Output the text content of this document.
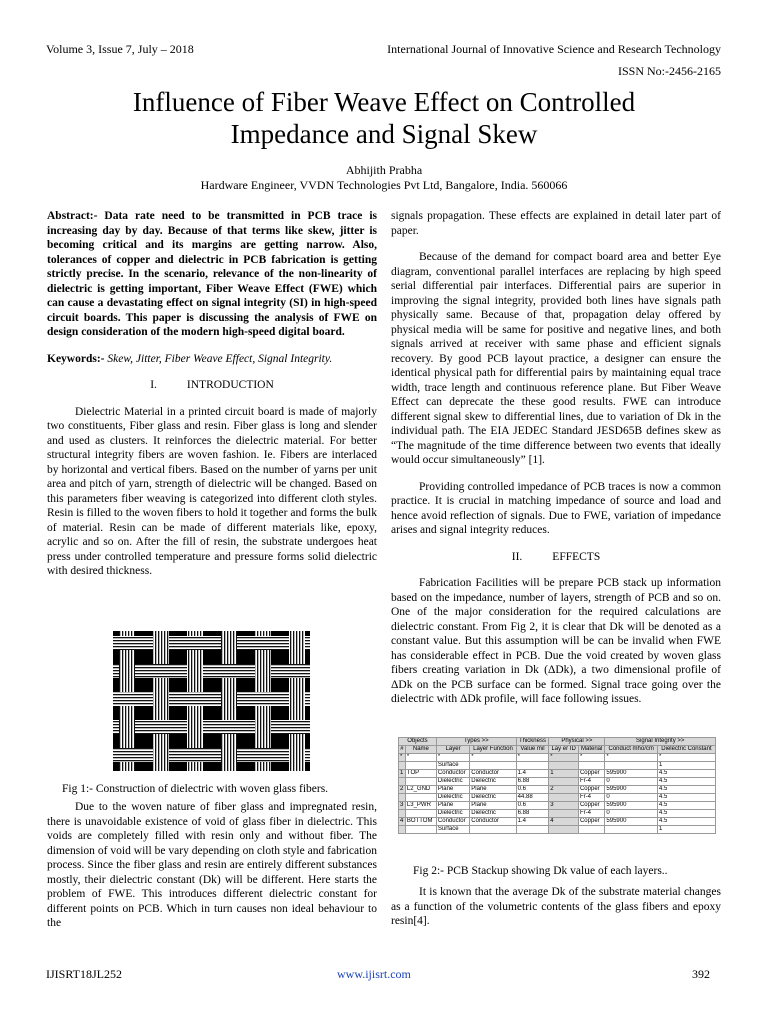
Volume 3, Issue 7, July – 2018	International Journal of Innovative Science and Research Technology
ISSN No:-2456-2165
Influence of Fiber Weave Effect on Controlled
Impedance and Signal Skew
Abhijith Prabha
Hardware Engineer, VVDN Technologies Pvt Ltd, Bangalore, India. 560066

Abstract:- Data rate need to be transmitted in PCB trace is increasing day by day. Because of that terms like skew, jitter is becoming critical and its margins are getting narrow. Also, tolerances of copper and dielectric in PCB fabrication is getting strictly precise. In the scenario, relevance of the non-linearity of dielectric is getting important, Fiber Weave Effect (FWE) which can cause a devastating effect on signal integrity (SI) in high-speed circuit boards. This paper is discussing the analysis of FWE on design consideration of the modern high-speed digital board.

Keywords:- Skew, Jitter, Fiber Weave Effect, Signal Integrity.

I.	INTRODUCTION

Dielectric Material in a printed circuit board is made of majorly two constituents, Fiber glass and resin. Fiber glass is long and slender and used as clusters. It reinforces the dielectric material. For better structural integrity fibers are woven fashion. Ie. Fibers are interlaced by horizontal and vertical fibers. Based on the number of yarns per unit area and pitch of yarn, strength of dielectric will be changed. Based on this parameters fiber weaving is categorized into different cloth styles. Resin is filled to the woven fibers to hold it together and forms the bulk of material. Resin can be made of different materials like, epoxy, acrylic and so on. After the fill of resin, the substrate undergoes heat press under controlled temperature and pressure forms solid dielectric with desired thickness.

Fig 1:- Construction of dielectric with woven glass fibers.

Due to the woven nature of fiber glass and impregnated resin, there is unavoidable existence of void of glass fiber in dielectric. This voids are completely filled with resin only and without fiber. The dimension of void will be vary depending on cloth style and fabrication process. Since the fiber glass and resin are entirely different substances mostly, their dielectric constant (Dk) will be different. Here starts the problem of FWE. This introduces different dielectric constant for different points on PCB. Which in turn causes non ideal behaviour to the

signals propagation. These effects are explained in detail later part of paper.

Because of the demand for compact board area and better Eye diagram, conventional parallel interfaces are replacing by high speed serial differential pair interfaces. Differential pairs are superior in improving the signal integrity, provided both lines have signals path physically same. Because of that, propagation delay offered by physical media will be same for positive and negative lines, and both signals arrived at receiver with same phase and efficient signals recovery. By good PCB layout practice, a designer can ensure the identical physical path for differential pairs by maintaining equal trace width, trace length and continuous reference plane. But Fiber Weave Effect can deprecate the these good results. FWE can introduce different signal skew to differential lines, due to variation of Dk in the individual path. The EIA JEDEC Standard JESD65B defines skew as “The magnitude of the time difference between two events that ideally would occur simultaneously” [1].

Providing controlled impedance of PCB traces is now a common practice. It is crucial in matching impedance of source and load and hence avoid reflection of signals. Due to FWE, variation of impedance arises and signal integrity reduces.

II.	EFFECTS

Fabrication Facilities will be prepare PCB stack up information based on the impedance, number of layers, strength of PCB and so on. One of the major consideration for the required calculations are dielectric constant. From Fig 2, it is clear that Dk will be denoted as a constant value. But this assumption will be can be invalid when FWE has considerable effect in PCB. Due the void created by woven glass fibers creating variation in Dk (ΔDk), a two dimensional profile of ΔDk on the PCB surface can be formed. Signal trace going over the dielectric with ΔDk profile, will face following issues.

Objects		Types >>		Thickness	Physical >>		Signal Integrity >>	
#	Name	Layer	Layer Function	Value mil	Lay er ID	Material	Conduct mho/cm	Dielectric Constant
*	*	*	*	*	*	*	*	*
		Surface						1
1	TOP	Conductor	Conductor	1.4	1	Copper	595900	4.5
		Dielectric	Dielectric	6.88		Fr-4	0	4.5
2	L2_GND	Plane	Plane	0.6	2	Copper	595900	4.5
		Dielectric	Dielectric	44.88		Fr-4	0	4.5
3	L3_PWR	Plane	Plane	0.6	3	Copper	595900	4.5
		Dielectric	Dielectric	6.88		Fr-4	0	4.5
4	BOTTOM	Conductor	Conductor	1.4	4	Copper	595900	4.5
		Surface						1
Fig 2:- PCB Stackup showing Dk value of each layers..

It is known that the average Dk of the substrate material changes as a function of the volumetric contents of the glass fibers and epoxy resin[4].

IJISRT18JL252	www.ijisrt.com	392
